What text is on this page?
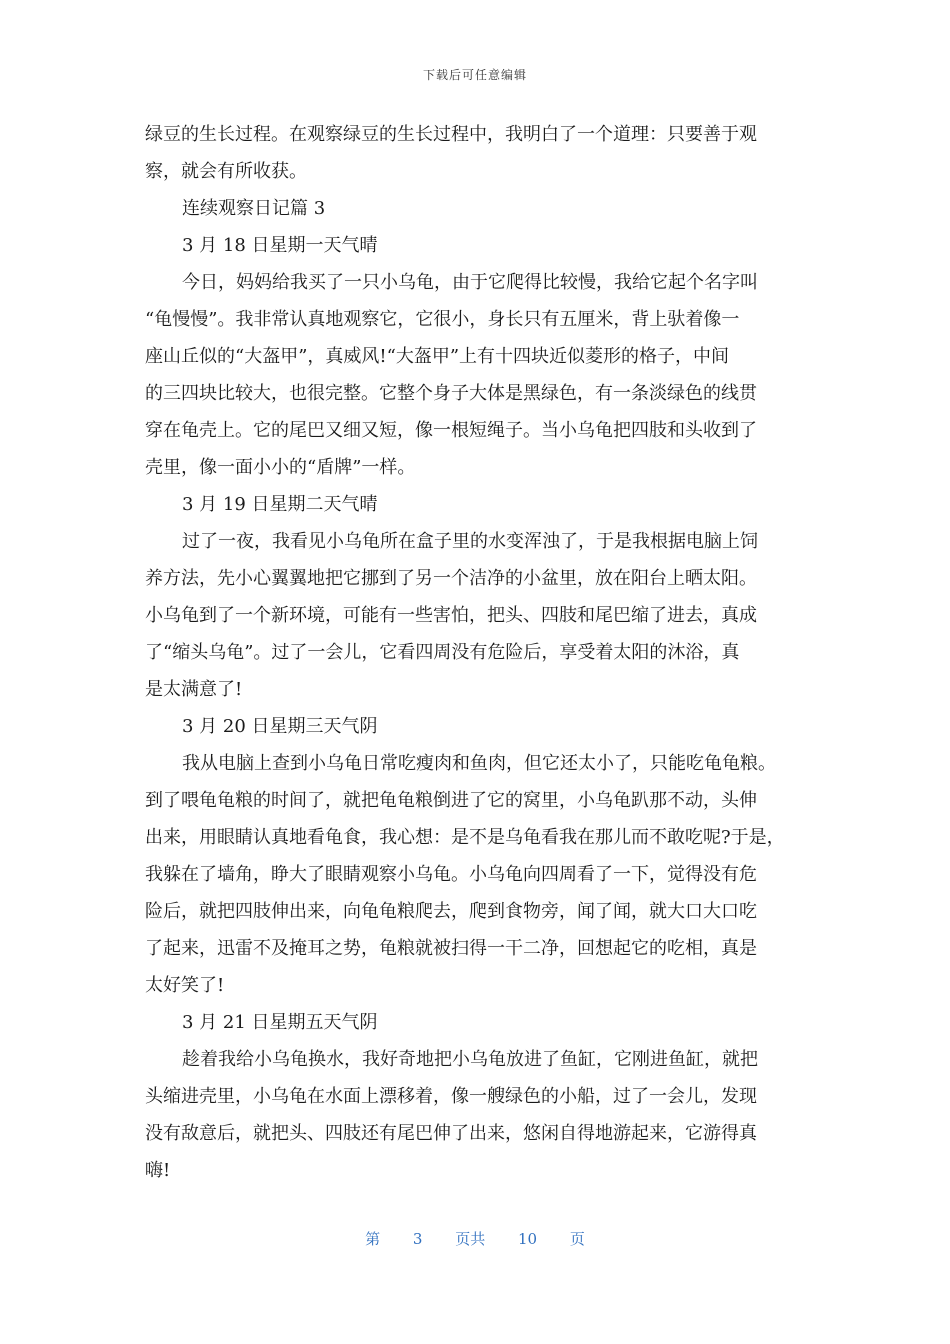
下载后可任意编辑
绿豆的生长过程。在观察绿豆的生长过程中，我明白了一个道理：只要善于观
察，就会有所收获。
连续观察日记篇 3
3 月 18 日星期一天气晴
今日，妈妈给我买了一只小乌龟，由于它爬得比较慢，我给它起个名字叫
“龟慢慢”。我非常认真地观察它，它很小，身长只有五厘米，背上驮着像一
座山丘似的“大盔甲”，真威风!“大盔甲”上有十四块近似菱形的格子，中间
的三四块比较大，也很完整。它整个身子大体是黑绿色，有一条淡绿色的线贯
穿在龟壳上。它的尾巴又细又短，像一根短绳子。当小乌龟把四肢和头收到了
壳里，像一面小小的“盾牌”一样。
3 月 19 日星期二天气晴
过了一夜，我看见小乌龟所在盒子里的水变浑浊了，于是我根据电脑上饲
养方法，先小心翼翼地把它挪到了另一个洁净的小盆里，放在阳台上晒太阳。
小乌龟到了一个新环境，可能有一些害怕，把头、四肢和尾巴缩了进去，真成
了“缩头乌龟”。过了一会儿，它看四周没有危险后，享受着太阳的沐浴，真
是太满意了!
3 月 20 日星期三天气阴
我从电脑上查到小乌龟日常吃瘦肉和鱼肉，但它还太小了，只能吃龟龟粮。
到了喂龟龟粮的时间了，就把龟龟粮倒进了它的窝里，小乌龟趴那不动，头伸
出来，用眼睛认真地看龟食，我心想：是不是乌龟看我在那儿而不敢吃呢?于是，
我躲在了墙角，睁大了眼睛观察小乌龟。小乌龟向四周看了一下，觉得没有危
险后，就把四肢伸出来，向龟龟粮爬去，爬到食物旁，闻了闻，就大口大口吃
了起来，迅雷不及掩耳之势，龟粮就被扫得一干二净，回想起它的吃相，真是
太好笑了!
3 月 21 日星期五天气阴
趁着我给小乌龟换水，我好奇地把小乌龟放进了鱼缸，它刚进鱼缸，就把
头缩进壳里，小乌龟在水面上漂移着，像一艘绿色的小船，过了一会儿，发现
没有敌意后，就把头、四肢还有尾巴伸了出来，悠闲自得地游起来，它游得真
嗨!
第 3 页共 10 页
